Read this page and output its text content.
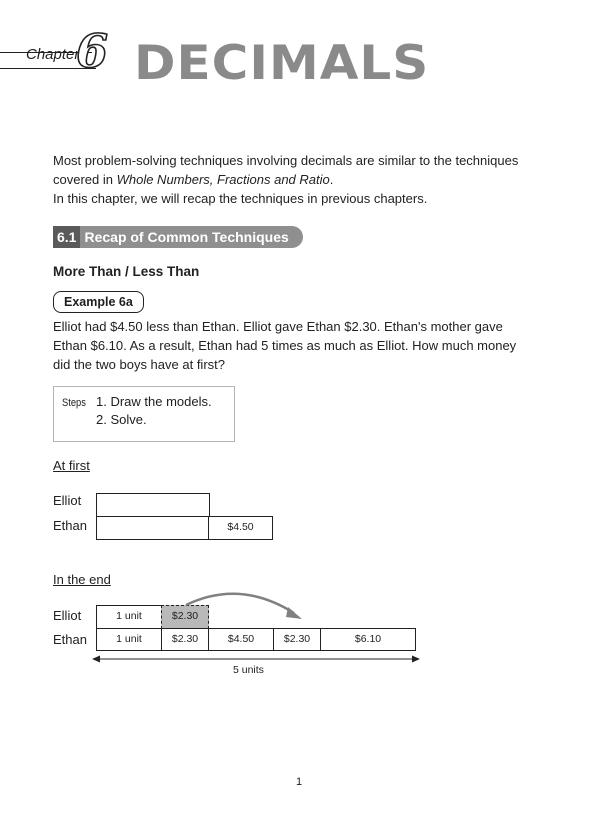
Chapter
6 DECIMALS

Most problem-solving techniques involving decimals are similar to the techniques

covered in Whole Numbers, Fractions and Ratio.

In this chapter, we will recap the techniques in previous chapters.

6.1 Recap of Common Techniques
More Than / Less Than
Example 6a
Elliot had $4.50 less than Ethan. Elliot gave Ethan $2.30. Ethan's mother gave Ethan $6.10. As a result, Ethan had 5 times as much as Elliot. How much money did the two boys have at first?
Steps 1. Draw the models.
2. Solve.
At first
Elliot
Ethan	$4.50
In the end
Elliot
Ethan
1 unit	$2.30
1 unit	$2.30	$4.50	$2.30	$6.10
5 units
1
